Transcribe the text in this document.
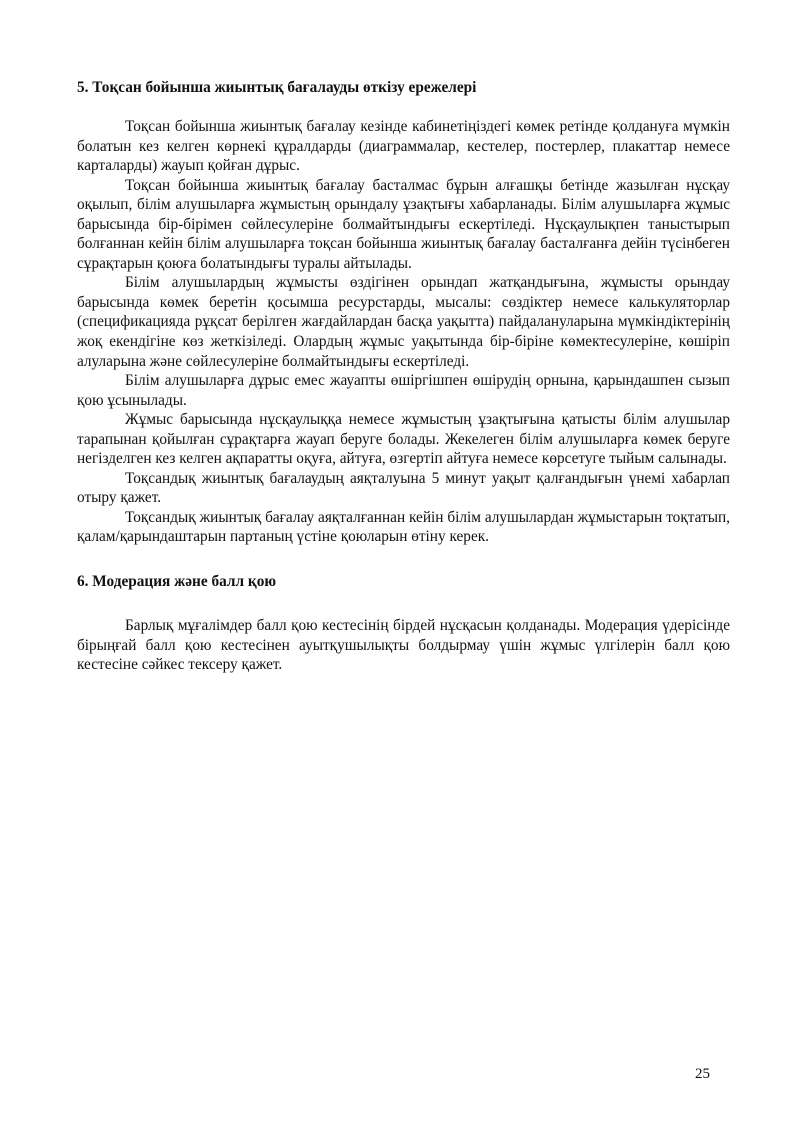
5. Тоқсан бойынша жиынтық бағалауды өткізу ережелері

Тоқсан бойынша жиынтық бағалау кезінде кабинетіңіздегі көмек ретінде қолдануға мүмкін болатын кез келген көрнекі құралдарды (диаграммалар, кестелер, постерлер, плакаттар немесе карталарды) жауып қойған дұрыс.

Тоқсан бойынша жиынтық бағалау басталмас бұрын алғашқы бетінде жазылған нұсқау оқылып, білім алушыларға жұмыстың орындалу ұзақтығы хабарланады. Білім алушыларға жұмыс барысында бір-бірімен сөйлесулеріне болмайтындығы ескертіледі. Нұсқаулықпен таныстырып болғаннан кейін білім алушыларға тоқсан бойынша жиынтық бағалау басталғанға дейін түсінбеген сұрақтарын қоюға болатындығы туралы айтылады.

Білім алушылардың жұмысты өздігінен орындап жатқандығына, жұмысты орындау барысында көмек беретін қосымша ресурстарды, мысалы: сөздіктер немесе калькуляторлар (спецификацияда рұқсат берілген жағдайлардан басқа уақытта) пайдалануларына мүмкіндіктерінің жоқ екендігіне көз жеткізіледі. Олардың жұмыс уақытында бір-біріне көмектесулеріне, көшіріп алуларына және сөйлесулеріне болмайтындығы ескертіледі.

Білім алушыларға дұрыс емес жауапты өшіргішпен өшірудің орнына, қарындашпен сызып қою ұсынылады.

Жұмыс барысында нұсқаулыққа немесе жұмыстың ұзақтығына қатысты білім алушылар тарапынан қойылған сұрақтарға жауап беруге болады. Жекелеген білім алушыларға көмек беруге негізделген кез келген ақпаратты оқуға, айтуға, өзгертіп айтуға немесе көрсетуге тыйым салынады.

Тоқсандық жиынтық бағалаудың аяқталуына 5 минут уақыт қалғандығын үнемі хабарлап отыру қажет.

Тоқсандық жиынтық бағалау аяқталғаннан кейін білім алушылардан жұмыстарын тоқтатып, қалам/қарындаштарын партаның үстіне қоюларын өтіну керек.

6. Модерация және балл қою

Барлық мұғалімдер балл қою кестесінің бірдей нұсқасын қолданады. Модерация үдерісінде бірыңғай балл қою кестесінен ауытқушылықты болдырмау үшін жұмыс үлгілерін балл қою кестесіне сәйкес тексеру қажет.

25
